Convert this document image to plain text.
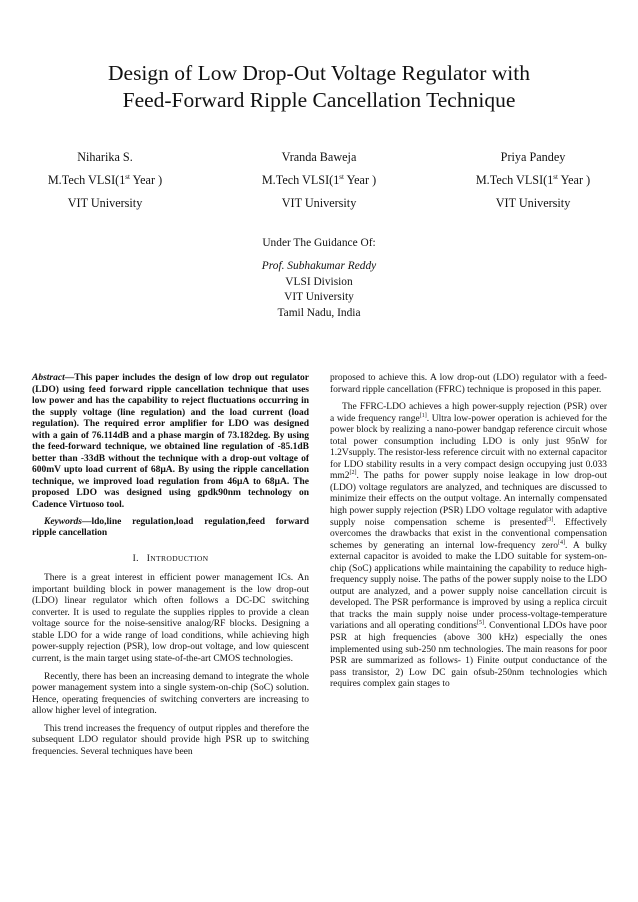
Design of Low Drop-Out Voltage Regulator with
Feed-Forward Ripple Cancellation Technique
Niharika S.
M.Tech VLSI(1st Year )
VIT University
Vranda Baweja
M.Tech VLSI(1st Year )
VIT University
Priya Pandey
M.Tech VLSI(1st Year )
VIT University
Under The Guidance Of:
Prof. Subhakumar Reddy
VLSI Division
VIT University
Tamil Nadu, India

Abstract—This paper includes the design of low drop out regulator (LDO) using feed forward ripple cancellation technique that uses low power and has the capability to reject fluctuations occurring in the supply voltage (line regulation) and the load current (load regulation). The required error amplifier for LDO was designed with a gain of 76.114dB and a phase margin of 73.182deg. By using the feed-forward technique, we obtained line regulation of -85.1dB better than -33dB without the technique with a drop-out voltage of 600mV upto load current of 68µA. By using the ripple cancellation technique, we improved load regulation from 46µA to 68µA. The proposed LDO was designed using gpdk90nm technology on Cadence Virtuoso tool.

Keywords—ldo,line regulation,load regulation,feed forward ripple cancellation

I. INTRODUCTION

There is a great interest in efficient power management ICs. An important building block in power management is the low drop-out (LDO) linear regulator which often follows a DC-DC switching converter. It is used to regulate the supplies ripples to provide a clean voltage source for the noise-sensitive analog/RF blocks. Designing a stable LDO for a wide range of load conditions, while achieving high power-supply rejection (PSR), low drop-out voltage, and low quiescent current, is the main target using state-of-the-art CMOS technologies.

Recently, there has been an increasing demand to integrate the whole power management system into a single system-on-chip (SoC) solution. Hence, operating frequencies of switching converters are increasing to allow higher level of integration.

This trend increases the frequency of output ripples and therefore the subsequent LDO regulator should provide high PSR up to switching frequencies. Several techniques have been

proposed to achieve this. A low drop-out (LDO) regulator with a feed-forward ripple cancellation (FFRC) technique is proposed in this paper.

The FFRC-LDO achieves a high power-supply rejection (PSR) over a wide frequency range[1]. Ultra low-power operation is achieved for the power block by realizing a nano-power bandgap reference circuit whose total power consumption including LDO is only just 95nW for 1.2Vsupply. The resistor-less reference circuit with no external capacitor for LDO stability results in a very compact design occupying just 0.033 mm2[2]. The paths for power supply noise leakage in low drop-out (LDO) voltage regulators are analyzed, and techniques are discussed to minimize their effects on the output voltage. An internally compensated high power supply rejection (PSR) LDO voltage regulator with adaptive supply noise compensation scheme is presented[3]. Effectively overcomes the drawbacks that exist in the conventional compensation schemes by generating an internal low-frequency zero[4]. A bulky external capacitor is avoided to make the LDO suitable for system-on-chip (SoC) applications while maintaining the capability to reduce high-frequency supply noise. The paths of the power supply noise to the LDO output are analyzed, and a power supply noise cancellation circuit is developed. The PSR performance is improved by using a replica circuit that tracks the main supply noise under process-voltage-temperature variations and all operating conditions[5]. Conventional LDOs have poor PSR at high frequencies (above 300 kHz) especially the ones implemented using sub-250 nm technologies. The main reasons for poor PSR are summarized as follows- 1) Finite output conductance of the pass transistor, 2) Low DC gain ofsub-250nm technologies which requires complex gain stages to
